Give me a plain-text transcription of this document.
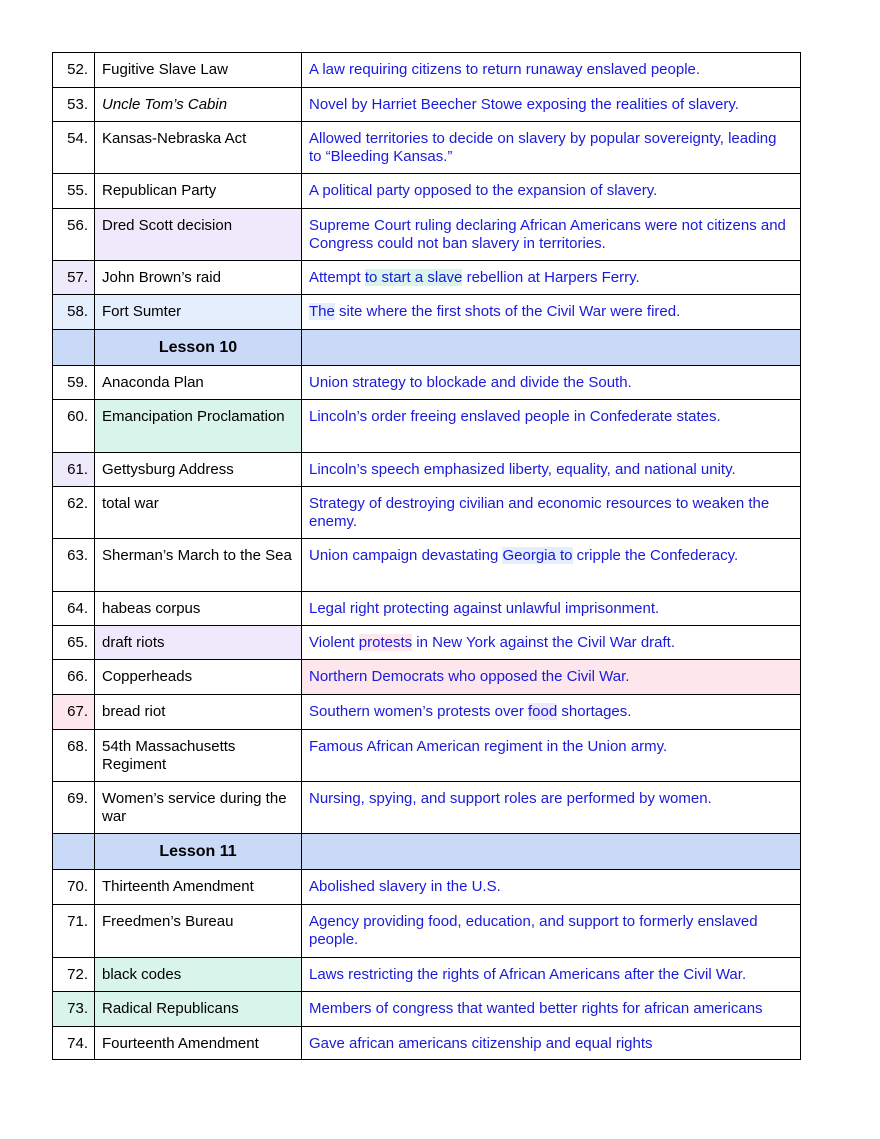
52.	Fugitive Slave Law	A law requiring citizens to return runaway enslaved people.
53.	Uncle Tom’s Cabin	Novel by Harriet Beecher Stowe exposing the realities of slavery.
54.	Kansas-Nebraska Act	Allowed territories to decide on slavery by popular sovereignty, leading to “Bleeding Kansas.”
55.	Republican Party	A political party opposed to the expansion of slavery.
56.	Dred Scott decision	Supreme Court ruling declaring African Americans were not citizens and Congress could not ban slavery in territories.
57.	John Brown’s raid	Attempt to start a slave rebellion at Harpers Ferry.
58.	Fort Sumter	The site where the first shots of the Civil War were fired.
	Lesson 10	
59.	Anaconda Plan	Union strategy to blockade and divide the South.
60.	Emancipation Proclamation	Lincoln’s order freeing enslaved people in Confederate states.
61.	Gettysburg Address	Lincoln’s speech emphasized liberty, equality, and national unity.
62.	total war	Strategy of destroying civilian and economic resources to weaken the enemy.
63.	Sherman’s March to the Sea	Union campaign devastating Georgia to cripple the Confederacy.
64.	habeas corpus	Legal right protecting against unlawful imprisonment.
65.	draft riots	Violent protests in New York against the Civil War draft.
66.	Copperheads	Northern Democrats who opposed the Civil War.
67.	bread riot	Southern women’s protests over food shortages.
68.	54th Massachusetts Regiment	Famous African American regiment in the Union army.
69.	Women’s service during the war	Nursing, spying, and support roles are performed by women.
	Lesson 11	
70.	Thirteenth Amendment	Abolished slavery in the U.S.
71.	Freedmen’s Bureau	Agency providing food, education, and support to formerly enslaved people.
72.	black codes	Laws restricting the rights of African Americans after the Civil War.
73.	Radical Republicans	Members of congress that wanted better rights for african americans
74.	Fourteenth Amendment	Gave african americans citizenship and equal rights
